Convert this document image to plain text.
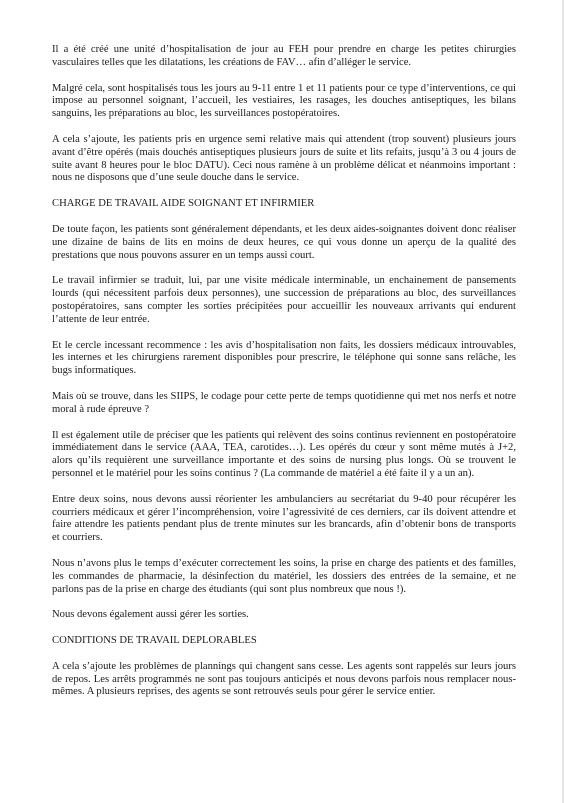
Il a été créé une unité d’hospitalisation de jour au FEH pour prendre en charge les petites chirurgies vasculaires telles que les dilatations, les créations de FAV… afin d’alléger le service.

Malgré cela, sont hospitalisés tous les jours au 9-11 entre 1 et 11 patients pour ce type d’interventions, ce qui impose au personnel soignant, l’accueil, les vestiaires, les rasages, les douches antiseptiques, les bilans sanguins, les préparations au bloc, les surveillances postopératoires.

A cela s’ajoute, les patients pris en urgence semi relative mais qui attendent (trop souvent) plusieurs jours avant d’être opérés (mais douchés antiseptiques plusieurs jours de suite et lits refaits, jusqu’à 3 ou 4 jours de suite avant 8 heures pour le bloc DATU). Ceci nous ramène à un problème délicat et néanmoins important : nous ne disposons que d’une seule douche dans le service.

CHARGE DE TRAVAIL AIDE SOIGNANT ET INFIRMIER

De toute façon, les patients sont généralement dépendants, et les deux aides-soignantes doivent donc réaliser une dizaine de bains de lits en moins de deux heures, ce qui vous donne un aperçu de la qualité des prestations que nous pouvons assurer en un temps aussi court.

Le travail infirmier se traduit, lui, par une visite médicale interminable, un enchainement de pansements lourds (qui nécessitent parfois deux personnes), une succession de préparations au bloc, des surveillances postopératoires, sans compter les sorties précipitées pour accueillir les nouveaux arrivants qui endurent l’attente de leur entrée.

Et le cercle incessant recommence : les avis d’hospitalisation non faits, les dossiers médicaux introuvables, les internes et les chirurgiens rarement disponibles pour prescrire, le téléphone qui sonne sans relâche, les bugs informatiques.

Mais où se trouve, dans les SIIPS, le codage pour cette perte de temps quotidienne qui met nos nerfs et notre moral à rude épreuve ?

Il est également utile de préciser que les patients qui relèvent des soins continus reviennent en postopératoire immédiatement dans le service (AAA, TEA, carotides…). Les opérés du cœur y sont même mutés à J+2, alors qu’ils requièrent une surveillance importante et des soins de nursing plus longs. Où se trouvent le personnel et le matériel pour les soins continus ? (La commande de matériel a été faite il y a un an).

Entre deux soins, nous devons aussi réorienter les ambulanciers au secrétariat du 9-40 pour récupérer les courriers médicaux et gérer l’incompréhension, voire l’agressivité de ces derniers, car ils doivent attendre et faire attendre les patients pendant plus de trente minutes sur les brancards, afin d’obtenir bons de transports et courriers.

Nous n’avons plus le temps d’exécuter correctement les soins, la prise en charge des patients et des familles, les commandes de pharmacie, la désinfection du matériel, les dossiers des entrées de la semaine, et ne parlons pas de la prise en charge des étudiants (qui sont plus nombreux que nous !).

Nous devons également aussi gérer les sorties.

CONDITIONS DE TRAVAIL DEPLORABLES

A cela s’ajoute les problèmes de plannings qui changent sans cesse. Les agents sont rappelés sur leurs jours de repos. Les arrêts programmés ne sont pas toujours anticipés et nous devons parfois nous remplacer nous-mêmes. A plusieurs reprises, des agents se sont retrouvés seuls pour gérer le service entier.
